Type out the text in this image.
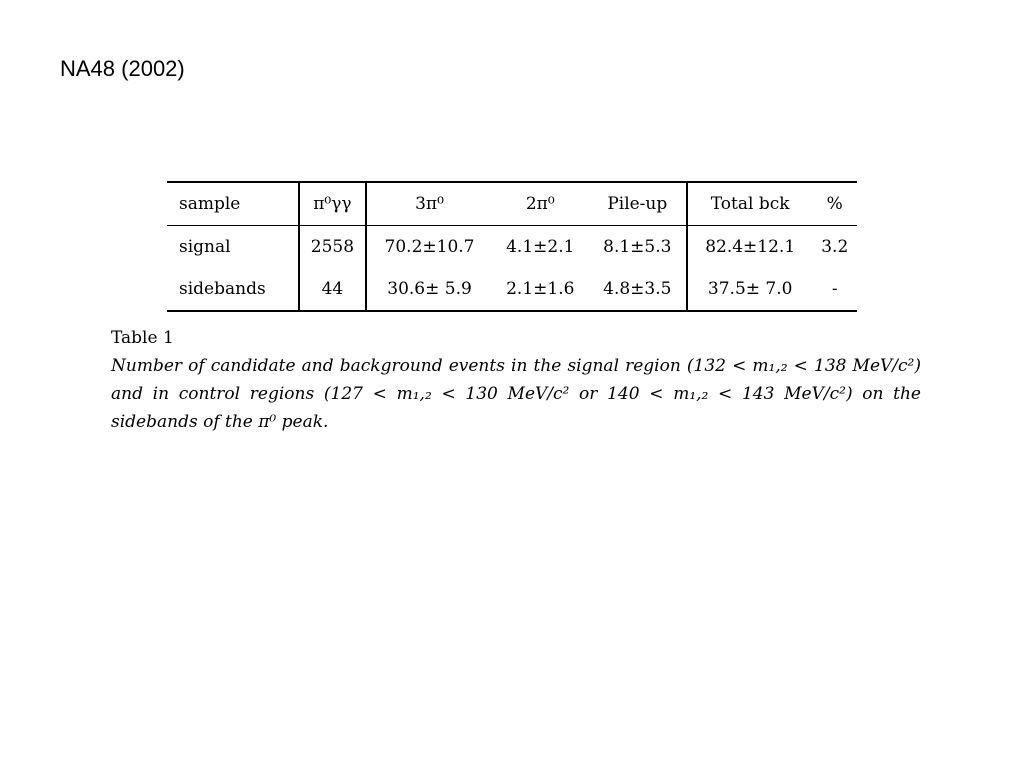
NA48 (2002)
sample	π⁰γγ	3π⁰	2π⁰	Pile-up	Total bck	%
signal	2558	70.2±10.7	4.1±2.1	8.1±5.3	82.4±12.1	3.2
sidebands	44	30.6± 5.9	2.1±1.6	4.8±3.5	37.5± 7.0	-
Table 1
Number of candidate and background events in the signal region (132 < m₁,₂ < 138 MeV/c²) and in control regions (127 < m₁,₂ < 130 MeV/c² or 140 < m₁,₂ < 143 MeV/c²) on the sidebands of the π⁰ peak.
